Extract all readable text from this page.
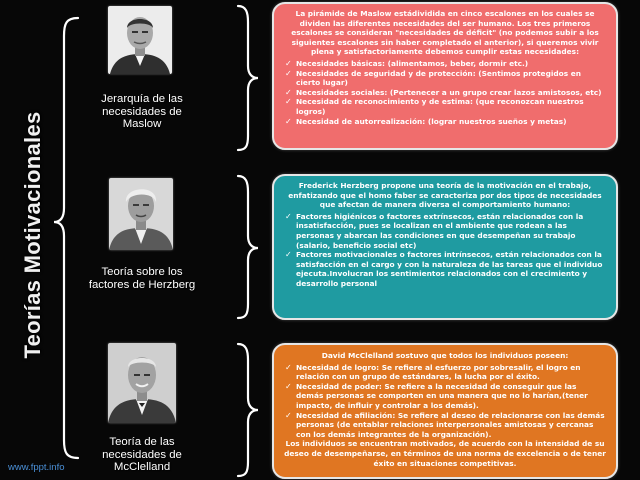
Teorías Motivacionales
Jerarquía de las necesidades de Maslow
Teoría sobre los factores de Herzberg
Teoría de las necesidades de McClelland

La pirámide de Maslow estádividida en cinco escalones en los cuales se dividen las diferentes necesidades del ser humano. Los tres primeros escalones se consideran "necesidades de déficit" (no podemos subir a los siguientes escalones sin haber completado el anterior), si queremos vivir plena y satisfactoriamente debemos cumplir estas necesidades:

✓ Necesidades básicas: (alimentamos, beber, dormir etc.)
✓ Necesidades de seguridad y de protección: (Sentimos protegidos en cierto lugar)
✓ Necesidades sociales: (Pertenecer a un grupo crear lazos amistosos, etc)
✓ Necesidad de reconocimiento y de estima: (que reconozcan nuestros logros)
✓ Necesidad de autorrealización: (lograr nuestros sueños y metas)

Frederick Herzberg propone una teoría de la motivación en el trabajo, enfatizando que el homo faber se caracteriza por dos tipos de necesidades que afectan de manera diversa el comportamiento humano:

✓ Factores higiénicos o factores extrínsecos, están relacionados con la insatisfacción, pues se localizan en el ambiente que rodean a las personas y abarcan las condiciones en que desempeñan su trabajo (salario, beneficio social etc)
✓ Factores motivacionales o factores intrínsecos, están relacionados con la satisfacción en el cargo y con la naturaleza de las tareas que el individuo ejecuta.Involucran los sentimientos relacionados con el crecimiento y desarrollo personal

David McClelland sostuvo que todos los individuos poseen:

✓ Necesidad de logro: Se refiere al esfuerzo por sobresalir, el logro en relación con un grupo de estándares, la lucha por el éxito.
✓ Necesidad de poder: Se refiere a la necesidad de conseguir que las demás personas se comporten en una manera que no lo harían,(tener impacto, de influir y controlar a los demás).
✓ Necesidad de afiliación: Se refiere al deseo de relacionarse con las demás personas (de entablar relaciones interpersonales amistosas y cercanas con los demás integrantes de la organización).

Los individuos se encuentran motivados, de acuerdo con la intensidad de su deseo de desempeñarse, en términos de una norma de excelencia o de tener éxito en situaciones competitivas.

www.fppt.info
